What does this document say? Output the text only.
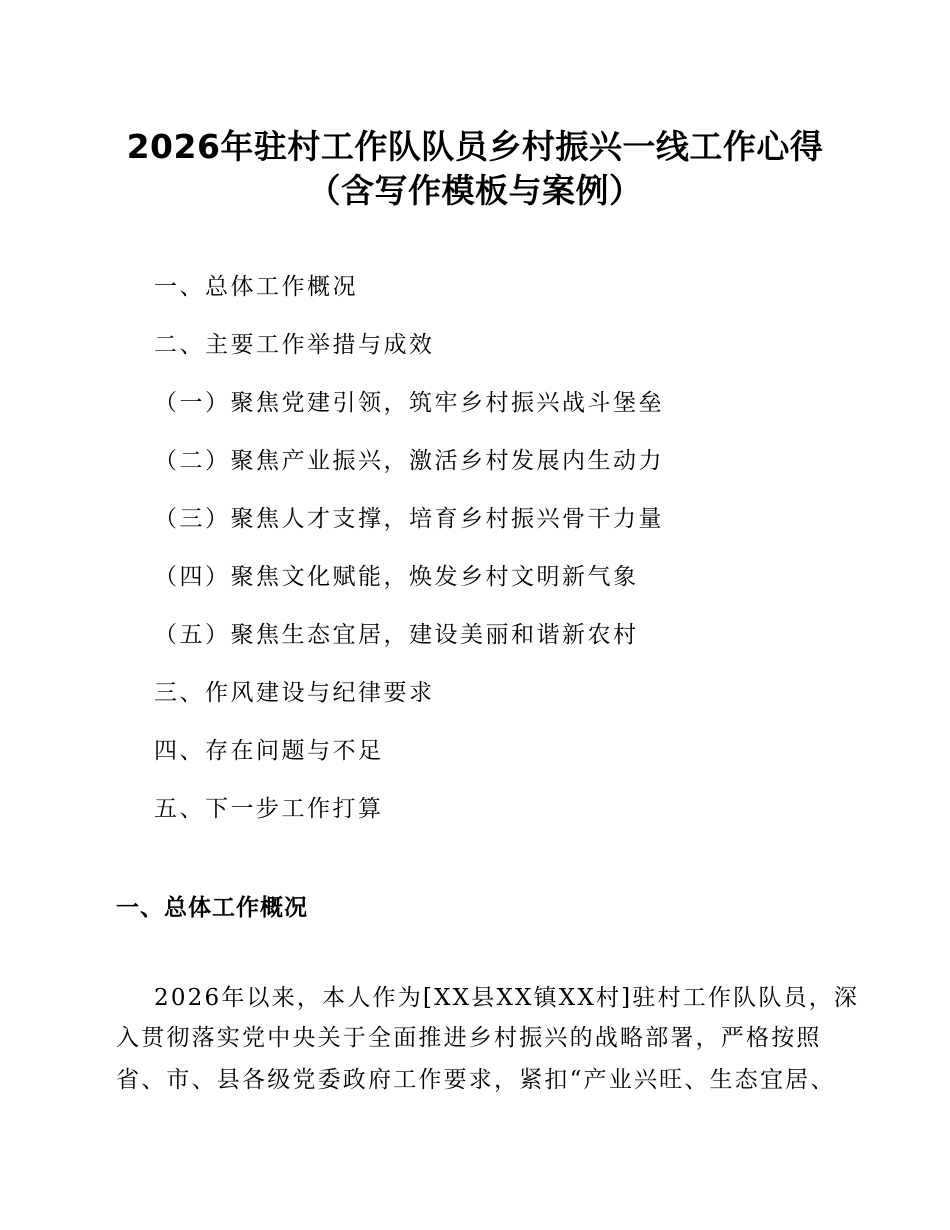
2026年驻村工作队队员乡村振兴一线工作心得
（含写作模板与案例）
一、总体工作概况
二、主要工作举措与成效
（一）聚焦党建引领，筑牢乡村振兴战斗堡垒
（二）聚焦产业振兴，激活乡村发展内生动力
（三）聚焦人才支撑，培育乡村振兴骨干力量
（四）聚焦文化赋能，焕发乡村文明新气象
（五）聚焦生态宜居，建设美丽和谐新农村
三、作风建设与纪律要求
四、存在问题与不足
五、下一步工作打算
一、总体工作概况
2026年以来，本人作为[XX县XX镇XX村]驻村工作队队员，深
入贯彻落实党中央关于全面推进乡村振兴的战略部署，严格按照
省、市、县各级党委政府工作要求，紧扣“产业兴旺、生态宜居、
